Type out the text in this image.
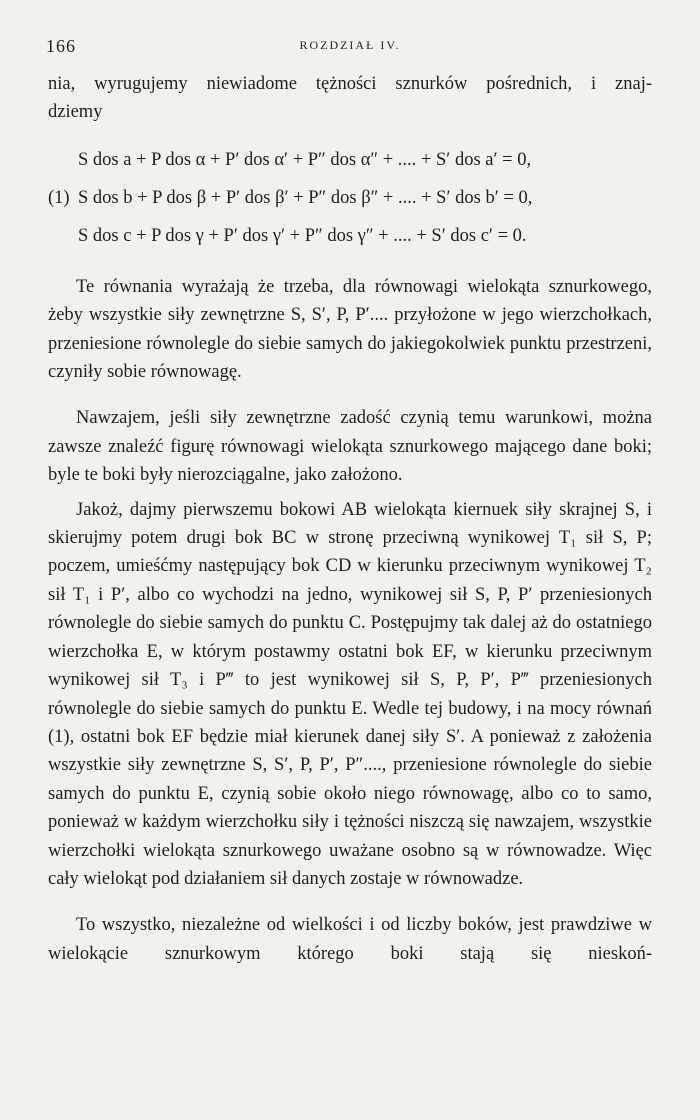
166	ROZDZIAŁ IV.

nia, wyrugujemy niewiadome tężności sznurków pośrednich, i znaj-

dziemy

S dos a + P dos α + P′ dos α′ + P″ dos α″ + .... + S′ dos a′ = 0,
(1) S dos b + P dos β + P′ dos β′ + P″ dos β″ + .... + S′ dos b′ = 0,
S dos c + P dos γ + P′ dos γ′ + P″ dos γ″ + .... + S′ dos c′ = 0.

Te równania wyrażają że trzeba, dla równowagi wielokąta sznurkowego, żeby wszystkie siły zewnętrzne S, S′, P, P′.... przyłożone w jego wierzchołkach, przeniesione równolegle do siebie samych do jakiegokolwiek punktu przestrzeni, czyniły sobie równowagę.

Nawzajem, jeśli siły zewnętrzne zadość czynią temu warunkowi, można zawsze znaleźć figurę równowagi wielokąta sznurkowego mającego dane boki; byle te boki były nierozciągalne, jako założono.

Jakoż, dajmy pierwszemu bokowi AB wielokąta kiernuek siły skrajnej S, i skierujmy potem drugi bok BC w stronę przeciwną wynikowej T₁ sił S, P; poczem, umieśćmy następujący bok CD w kierunku przeciwnym wynikowej T₂ sił T₁ i P′, albo co wychodzi na jedno, wynikowej sił S, P, P′ przeniesionych równolegle do siebie samych do punktu C. Postępujmy tak dalej aż do ostatniego wierzchołka E, w którym postawmy ostatni bok EF, w kierunku przeciwnym wynikowej sił T₃ i P‴ to jest wynikowej sił S, P, P′, P‴ przeniesionych równolegle do siebie samych do punktu E. Wedle tej budowy, i na mocy równań (1), ostatni bok EF będzie miał kierunek danej siły S′. A ponieważ z założenia wszystkie siły zewnętrzne S, S′, P, P′, P″...., przeniesione równolegle do siebie samych do punktu E, czynią sobie około niego równowagę, albo co to samo, ponieważ w każdym wierzchołku siły i tężności niszczą się nawzajem, wszystkie wierzchołki wielokąta sznurkowego uważane osobno są w równowadze. Więc cały wielokąt pod działaniem sił danych zostaje w równowadze.

To wszystko, niezależne od wielkości i od liczby boków, jest prawdziwe w wielokącie sznurkowym którego boki stają się nieskoń-
